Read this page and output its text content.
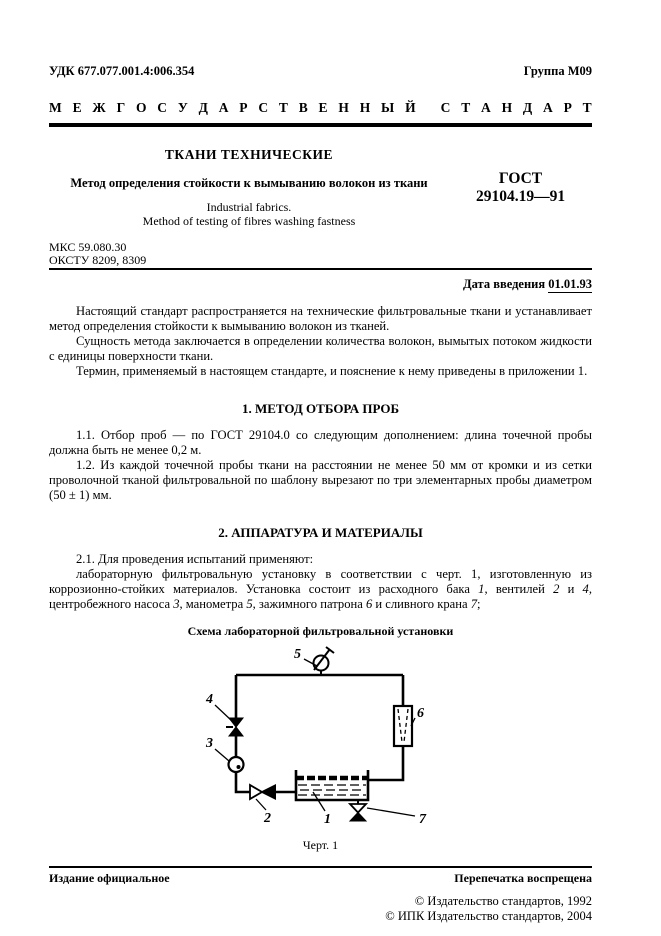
УДК 677.077.001.4:006.354	Группа М09
М Е Ж Г О С У Д А Р С Т В Е Н Н Ы Й
С Т А Н Д А Р Т
ТКАНИ ТЕХНИЧЕСКИЕ
Метод определения стойкости к вымыванию волокон из ткани
Industrial fabrics.
Method of testing of fibres washing fastness
ГОСТ
29104.19—91
МКС 59.080.30
ОКСТУ 8209, 8309
Дата введения 01.01.93

Настоящий стандарт распространяется на технические фильтровальные ткани и устанавливает метод определения стойкости к вымыванию волокон из тканей.

Сущность метода заключается в определении количества волокон, вымытых потоком жидкости с единицы поверхности ткани.

Термин, применяемый в настоящем стандарте, и пояснение к нему приведены в приложении 1.

1. МЕТОД ОТБОРА ПРОБ

1.1. Отбор проб — по ГОСТ 29104.0 со следующим дополнением: длина точечной пробы должна быть не менее 0,2 м.

1.2. Из каждой точечной пробы ткани на расстоянии не менее 50 мм от кромки и из сетки проволочной тканой фильтровальной по шаблону вырезают по три элементарных пробы диаметром (50 ± 1) мм.

2. АППАРАТУРА И МАТЕРИАЛЫ

2.1. Для проведения испытаний применяют:

лабораторную фильтровальную установку в соответствии с черт. 1, изготовленную из коррозионно-стойких материалов. Установка состоит из расходного бака 1, вентилей 2 и 4, центробежного насоса 3, манометра 5, зажимного патрона 6 и сливного крана 7;

Схема лабораторной фильтровальной установки
5
4
3
2	1
6
7
Черт. 1
Издание официальное	Перепечатка воспрещена
© Издательство стандартов, 1992
© ИПК Издательство стандартов, 2004
